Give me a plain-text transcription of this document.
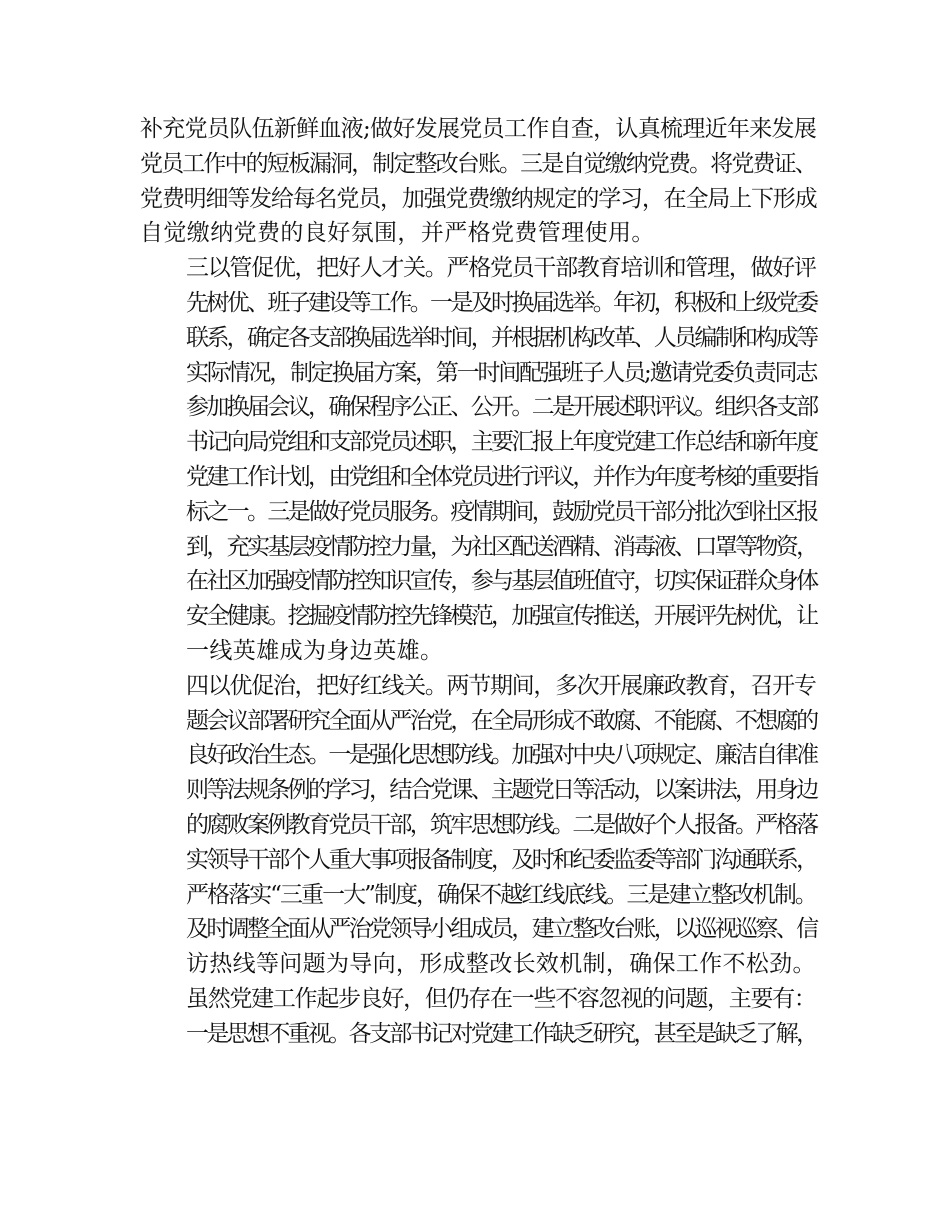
补充党员队伍新鲜血液;做好发展党员工作自查，认真梳理近年来发展
党员工作中的短板漏洞，制定整改台账。三是自觉缴纳党费。将党费证、
党费明细等发给每名党员，加强党费缴纳规定的学习，在全局上下形成
自觉缴纳党费的良好氛围，并严格党费管理使用。

三以管促优，把好人才关。严格党员干部教育培训和管理，做好评
先树优、班子建设等工作。一是及时换届选举。年初，积极和上级党委
联系，确定各支部换届选举时间，并根据机构改革、人员编制和构成等
实际情况，制定换届方案，第一时间配强班子人员;邀请党委负责同志
参加换届会议，确保程序公正、公开。二是开展述职评议。组织各支部
书记向局党组和支部党员述职，主要汇报上年度党建工作总结和新年度
党建工作计划，由党组和全体党员进行评议，并作为年度考核的重要指
标之一。三是做好党员服务。疫情期间，鼓励党员干部分批次到社区报
到，充实基层疫情防控力量，为社区配送酒精、消毒液、口罩等物资，
在社区加强疫情防控知识宣传，参与基层值班值守，切实保证群众身体
安全健康。挖掘疫情防控先锋模范，加强宣传推送，开展评先树优，让
一线英雄成为身边英雄。

四以优促治，把好红线关。两节期间，多次开展廉政教育，召开专
题会议部署研究全面从严治党，在全局形成不敢腐、不能腐、不想腐的
良好政治生态。一是强化思想防线。加强对中央八项规定、廉洁自律准
则等法规条例的学习，结合党课、主题党日等活动，以案讲法，用身边
的腐败案例教育党员干部，筑牢思想防线。二是做好个人报备。严格落
实领导干部个人重大事项报备制度，及时和纪委监委等部门沟通联系，
严格落实“三重一大”制度，确保不越红线底线。三是建立整改机制。
及时调整全面从严治党领导小组成员，建立整改台账，以巡视巡察、信
访热线等问题为导向，形成整改长效机制，确保工作不松劲。

虽然党建工作起步良好，但仍存在一些不容忽视的问题，主要有：
一是思想不重视。各支部书记对党建工作缺乏研究，甚至是缺乏了解，
